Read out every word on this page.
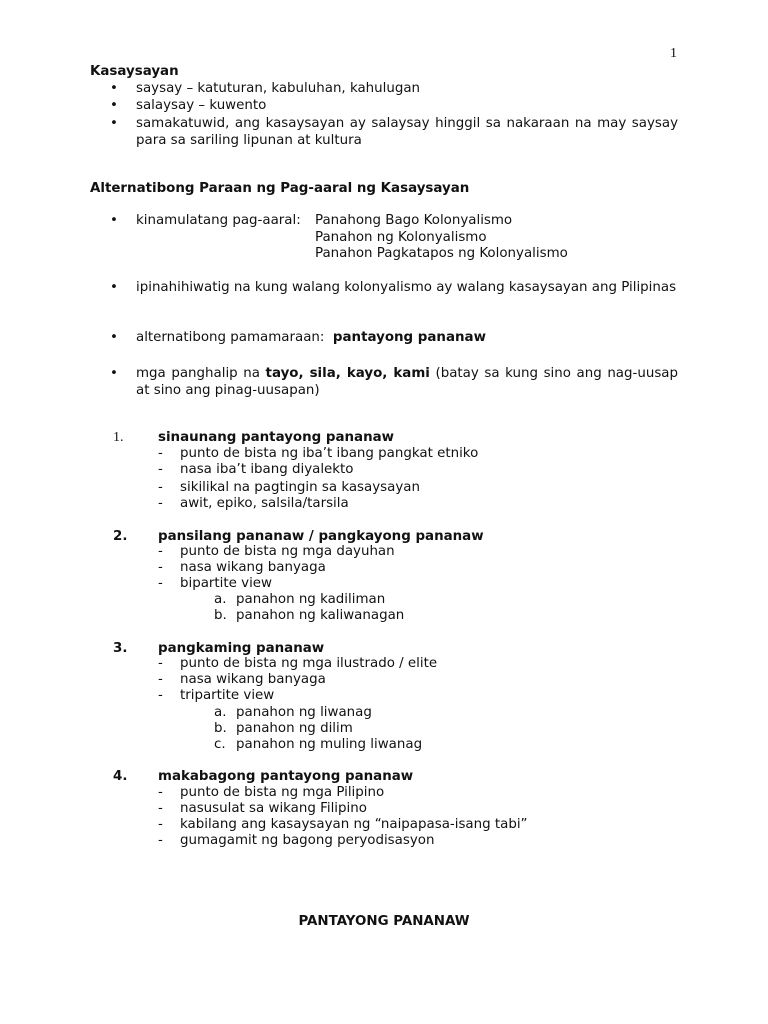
1
Kasaysayan
• saysay – katuturan, kabuluhan, kahulugan
• salaysay – kuwento
• samakatuwid, ang kasaysayan ay salaysay hinggil sa nakaraan na may saysay para sa sariling lipunan at kultura
Alternatibong Paraan ng Pag-aaral ng Kasaysayan
• kinamulatang pag-aaral:	Panahong Bago Kolonyalismo
Panahon ng Kolonyalismo
Panahon Pagkatapos ng Kolonyalismo
• ipinahihiwatig na kung walang kolonyalismo ay walang kasaysayan ang Pilipinas
• alternatibong pamamaraan: pantayong pananaw
• mga panghalip na tayo, sila, kayo, kami (batay sa kung sino ang nag-uusap at sino ang pinag-uusapan)
1.	sinaunang pantayong pananaw
- punto de bista ng iba’t ibang pangkat etniko
- nasa iba’t ibang diyalekto
- sikilikal na pagtingin sa kasaysayan
- awit, epiko, salsila/tarsila
2. pansilang pananaw / pangkayong pananaw
- punto de bista ng mga dayuhan
- nasa wikang banyaga
- bipartite view
a. panahon ng kadiliman
b. panahon ng kaliwanagan
3. pangkaming pananaw
- punto de bista ng mga ilustrado / elite
- nasa wikang banyaga
- tripartite view
a. panahon ng liwanag
b. panahon ng dilim
c. panahon ng muling liwanag
4. makabagong pantayong pananaw
- punto de bista ng mga Pilipino
- nasusulat sa wikang Filipino
- kabilang ang kasaysayan ng “naipapasa-isang tabi”
- gumagamit ng bagong peryodisasyon
PANTAYONG PANANAW
